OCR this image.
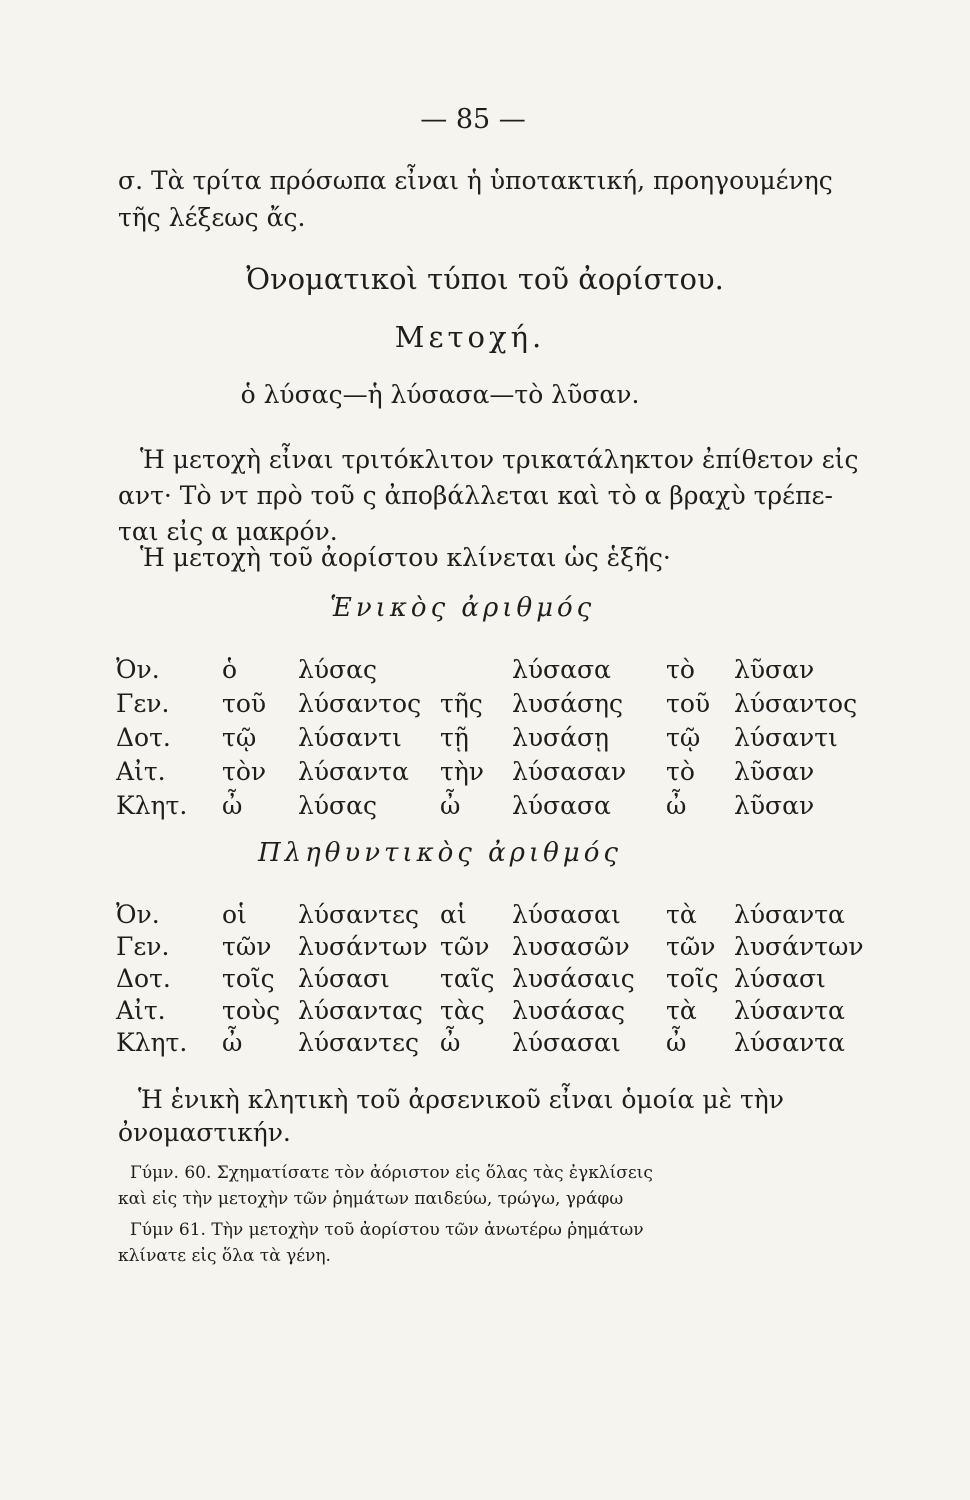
— 85 —
σ. Τὰ τρίτα πρόσωπα εἶναι ἡ ὑποτακτική, προηγουμένης
τῆς λέξεως ἄς.
Ὀνοματικοὶ τύποι τοῦ ἀορίστου.
Μετοχή.
ὁ λύσας—ἡ λύσασα—τὸ λῦσαν.
Ἡ μετοχὴ εἶναι τριτόκλιτον τρικατάληκτον ἐπίθετον εἰς
αντ· Τὸ ντ πρὸ τοῦ ς ἀποβάλλεται καὶ τὸ α βραχὺ τρέπε-
ται εἰς α μακρόν.
Ἡ μετοχὴ τοῦ ἀορίστου κλίνεται ὡς ἑξῆς·
Ἑνικὸς ἀριθμός
Ὀν. ὁ λύσας	λύσασα τὸ λῦσαν
Γεν. τοῦ λύσαντος τῆς λυσάσης τοῦ λύσαντος
Δοτ. τῷ λύσαντι τῇ λυσάσῃ τῷ λύσαντι
Αἰτ. τὸν λύσαντα τὴν λύσασαν τὸ λῦσαν
Κλητ. ὦ λύσας	ὦ λύσασα ὦ λῦσαν
Πληθυντικὸς ἀριθμός
Ὀν. οἱ λύσαντες αἱ λύσασαι τὰ λύσαντα
Γεν. τῶν λυσάντων τῶν λυσασῶν τῶν λυσάντων
Δοτ. τοῖς λύσασι ταῖς λυσάσαις τοῖς λύσασι
Αἰτ. τοὺς λύσαντας τὰς λυσάσας τὰ λύσαντα
Κλητ. ὦ λύσαντες ὦ λύσασαι ὦ λύσαντα
Ἡ ἑνικὴ κλητικὴ τοῦ ἀρσενικοῦ εἶναι ὁμοία μὲ τὴν
ὀνομαστικήν.
Γύμν. 60. Σχηματίσατε τὸν ἀόριστον εἰς ὅλας τὰς ἐγκλίσεις
καὶ εἰς τὴν μετοχὴν τῶν ῥημάτων παιδεύω, τρώγω, γράφω
Γύμν 61. Τὴν μετοχὴν τοῦ ἀορίστου τῶν ἀνωτέρω ῥημάτων
κλίνατε εἰς ὅλα τὰ γένη.
